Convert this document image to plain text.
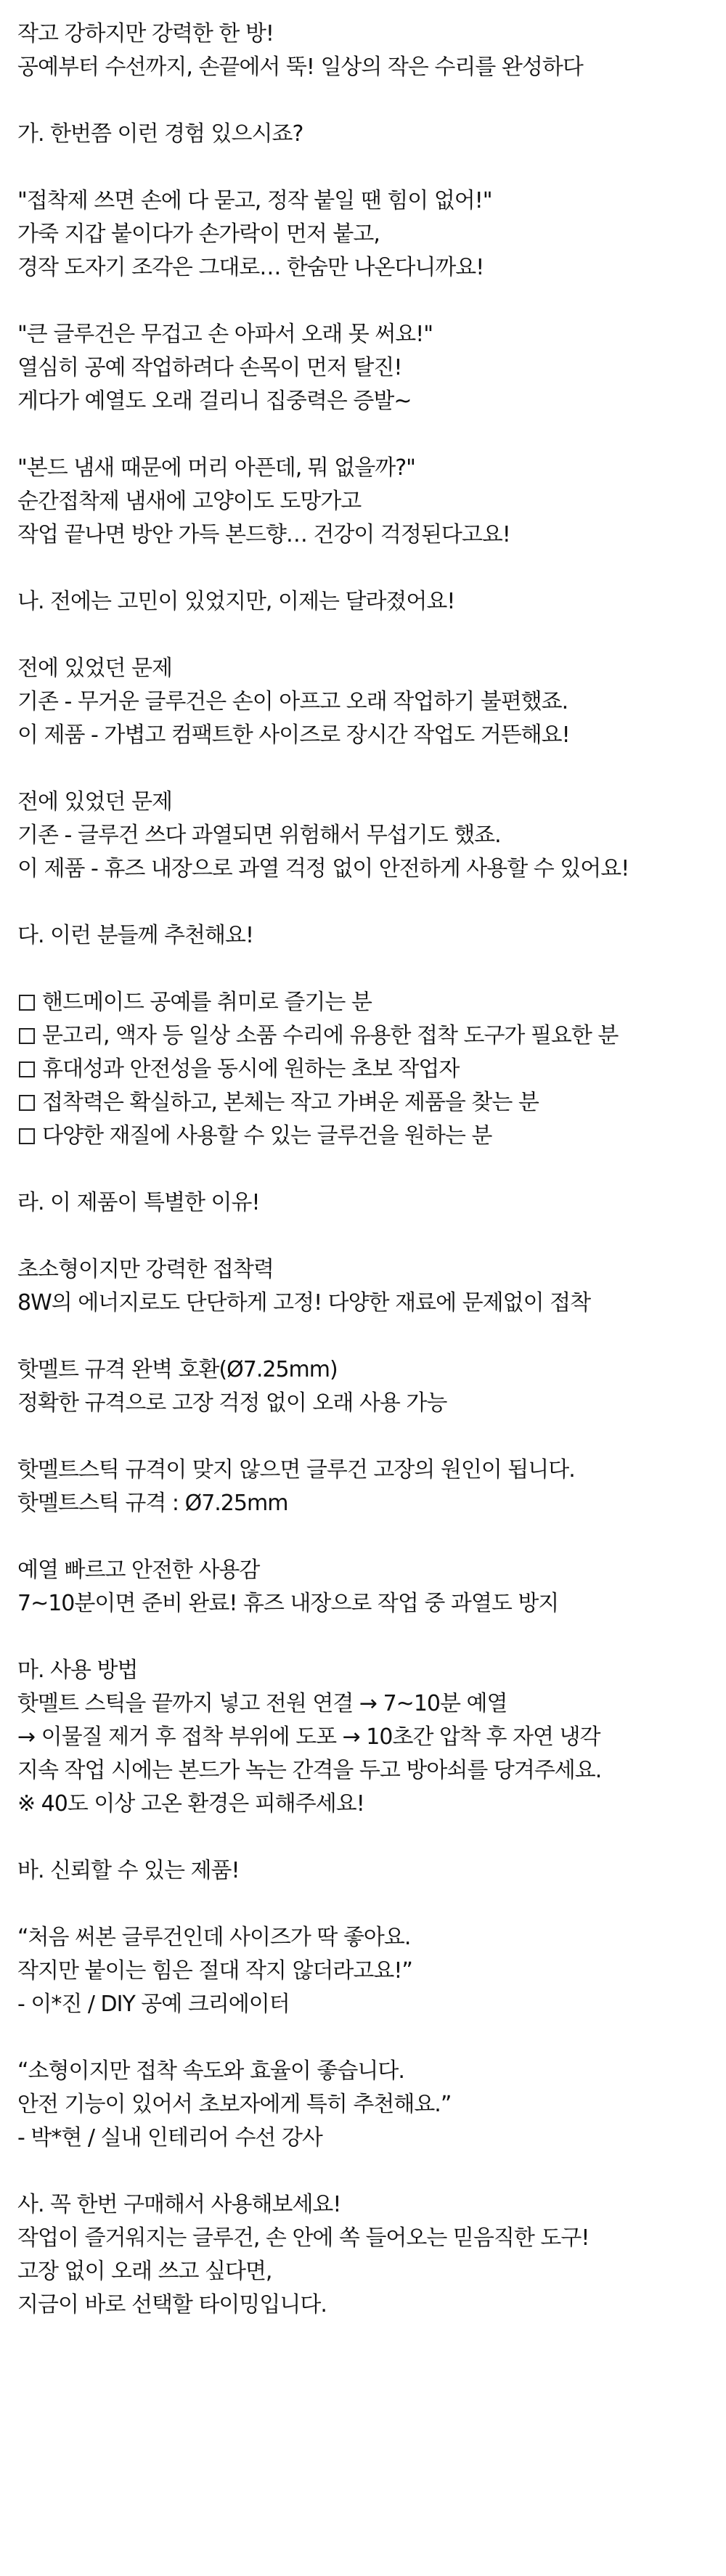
작고 강하지만 강력한 한 방!
공예부터 수선까지, 손끝에서 뚝! 일상의 작은 수리를 완성하다
가. 한번쯤 이런 경험 있으시죠?
"접착제 쓰면 손에 다 묻고, 정작 붙일 땐 힘이 없어!"
가죽 지갑 붙이다가 손가락이 먼저 붙고,
경작 도자기 조각은 그대로… 한숨만 나온다니까요!
"큰 글루건은 무겁고 손 아파서 오래 못 써요!"
열심히 공예 작업하려다 손목이 먼저 탈진!
게다가 예열도 오래 걸리니 집중력은 증발~
"본드 냄새 때문에 머리 아픈데, 뭐 없을까?"
순간접착제 냄새에 고양이도 도망가고
작업 끝나면 방안 가득 본드향… 건강이 걱정된다고요!
나. 전에는 고민이 있었지만, 이제는 달라졌어요!
전에 있었던 문제
기존 - 무거운 글루건은 손이 아프고 오래 작업하기 불편했죠.
이 제품 - 가볍고 컴팩트한 사이즈로 장시간 작업도 거뜬해요!
전에 있었던 문제
기존 - 글루건 쓰다 과열되면 위험해서 무섭기도 했죠.
이 제품 - 휴즈 내장으로 과열 걱정 없이 안전하게 사용할 수 있어요!
다. 이런 분들께 추천해요!
핸드메이드 공예를 취미로 즐기는 분
문고리, 액자 등 일상 소품 수리에 유용한 접착 도구가 필요한 분
휴대성과 안전성을 동시에 원하는 초보 작업자
접착력은 확실하고, 본체는 작고 가벼운 제품을 찾는 분
다양한 재질에 사용할 수 있는 글루건을 원하는 분
라. 이 제품이 특별한 이유!
초소형이지만 강력한 접착력
8W의 에너지로도 단단하게 고정! 다양한 재료에 문제없이 접착
핫멜트 규격 완벽 호환(Ø7.25mm)
정확한 규격으로 고장 걱정 없이 오래 사용 가능
핫멜트스틱 규격이 맞지 않으면 글루건 고장의 원인이 됩니다.
핫멜트스틱 규격 : Ø7.25mm
예열 빠르고 안전한 사용감
7~10분이면 준비 완료! 휴즈 내장으로 작업 중 과열도 방지
마. 사용 방법
핫멜트 스틱을 끝까지 넣고 전원 연결 → 7~10분 예열
→ 이물질 제거 후 접착 부위에 도포 → 10초간 압착 후 자연 냉각
지속 작업 시에는 본드가 녹는 간격을 두고 방아쇠를 당겨주세요.
※ 40도 이상 고온 환경은 피해주세요!
바. 신뢰할 수 있는 제품!
“처음 써본 글루건인데 사이즈가 딱 좋아요.
작지만 붙이는 힘은 절대 작지 않더라고요!”
- 이*진 / DIY 공예 크리에이터
“소형이지만 접착 속도와 효율이 좋습니다.
안전 기능이 있어서 초보자에게 특히 추천해요.”
- 박*현 / 실내 인테리어 수선 강사
사. 꼭 한번 구매해서 사용해보세요!
작업이 즐거워지는 글루건, 손 안에 쏙 들어오는 믿음직한 도구!
고장 없이 오래 쓰고 싶다면,
지금이 바로 선택할 타이밍입니다.
